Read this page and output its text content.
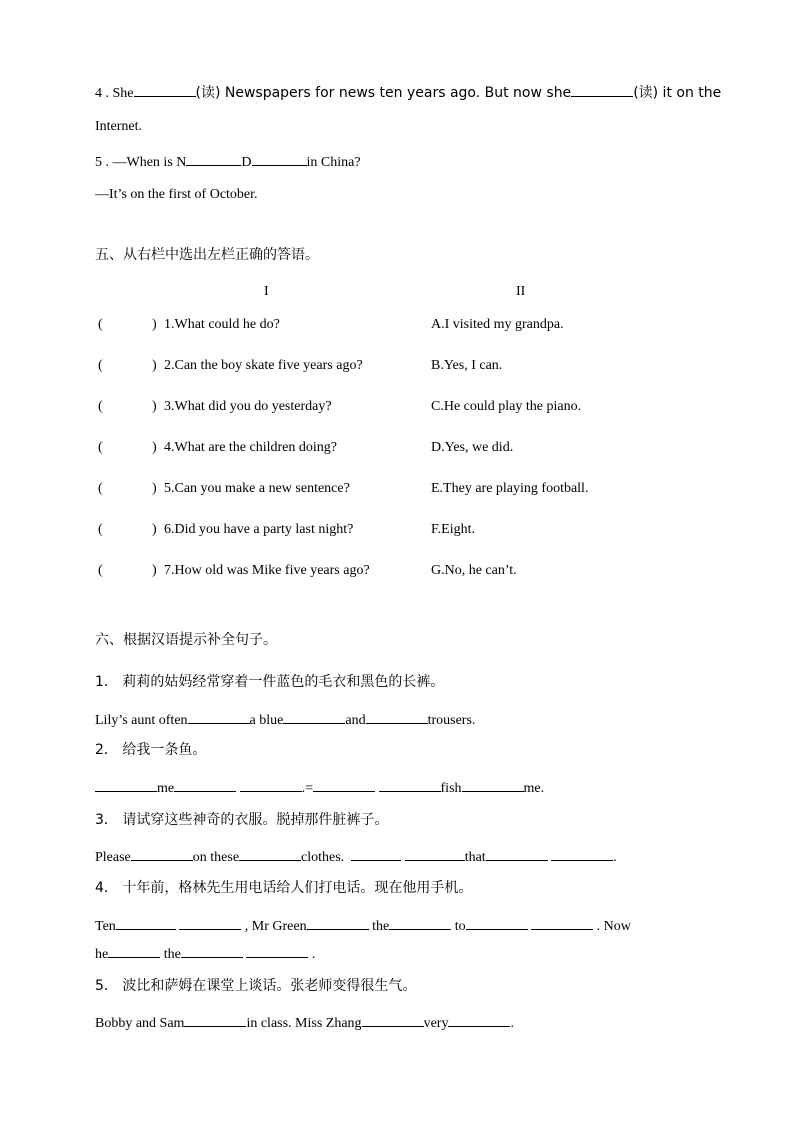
4 . She	(读) Newspapers for news ten years ago. But now she	(读) it on the
Internet.
5 . —When is N	D	in China?
—It’s on the first of October.
五、从右栏中选出左栏正确的答语。
I	II
(	) 1.What could he do?	A.I visited my grandpa.
(	) 2.Can the boy skate five years ago?	B.Yes, I can.
(	) 3.What did you do yesterday?	C.He could play the piano.
(	) 4.What are the children doing?	D.Yes, we did.
(	) 5.Can you make a new sentence?	E.They are playing football.
(	) 6.Did you have a party last night?	F.Eight.
(	) 7.How old was Mike five years ago?	G.No, he can’t.
六、根据汉语提示补全句子。
1． 莉莉的姑妈经常穿着一件蓝色的毛衣和黑色的长裤。
Lily’s aunt often	a blue	and	trousers.
2． 给我一条鱼。
me	.=	fish	me.
3． 请试穿这些神奇的衣服。脱掉那件脏裤子。
Please	on these	clothes.	that	.
4． 十年前，格林先生用电话给人们打电话。现在他用手机。
Ten	, Mr Green	the	to	. Now
he	the	.
5． 波比和萨姆在课堂上谈话。张老师变得很生气。
Bobby and Sam	in class. Miss Zhang	very	.
